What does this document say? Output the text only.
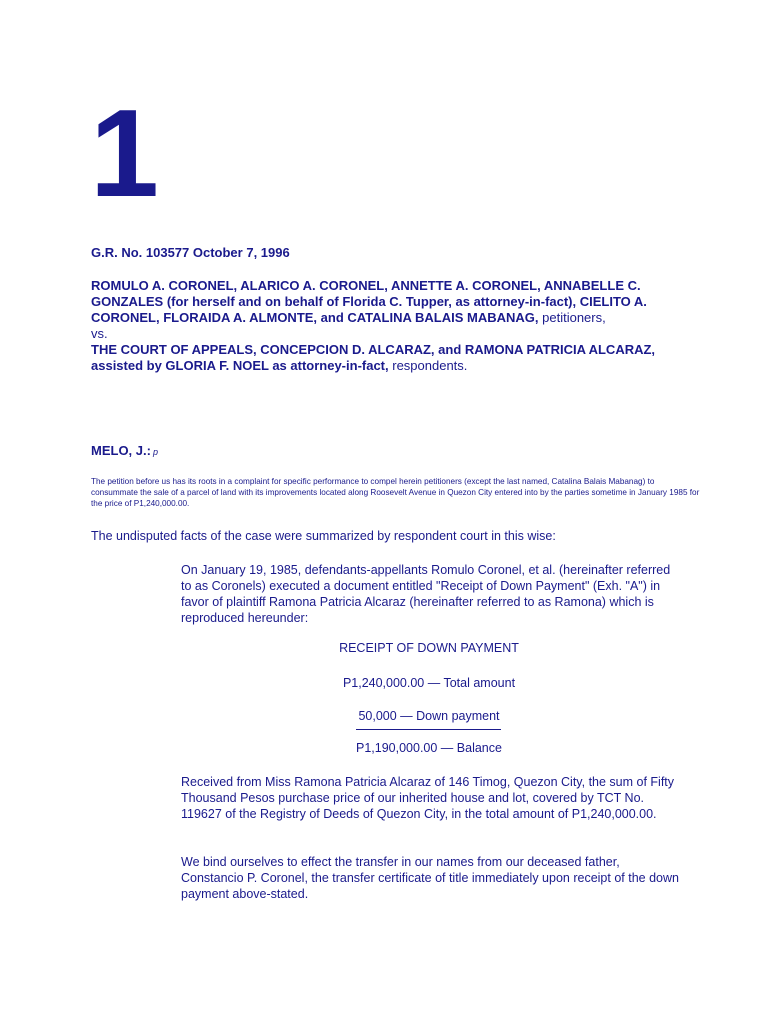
1
G.R. No. 103577 October 7, 1996
ROMULO A. CORONEL, ALARICO A. CORONEL, ANNETTE A. CORONEL, ANNABELLE C. GONZALES (for herself and on behalf of Florida C. Tupper, as attorney-in-fact), CIELITO A. CORONEL, FLORAIDA A. ALMONTE, and CATALINA BALAIS MABANAG, petitioners,
vs.
THE COURT OF APPEALS, CONCEPCION D. ALCARAZ, and RAMONA PATRICIA ALCARAZ, assisted by GLORIA F. NOEL as attorney-in-fact, respondents.
MELO, J.: p
The petition before us has its roots in a complaint for specific performance to compel herein petitioners (except the last named, Catalina Balais Mabanag) to consummate the sale of a parcel of land with its improvements located along Roosevelt Avenue in Quezon City entered into by the parties sometime in January 1985 for the price of P1,240,000.00.
The undisputed facts of the case were summarized by respondent court in this wise:
On January 19, 1985, defendants-appellants Romulo Coronel, et al. (hereinafter referred to as Coronels) executed a document entitled "Receipt of Down Payment" (Exh. "A") in favor of plaintiff Ramona Patricia Alcaraz (hereinafter referred to as Ramona) which is reproduced hereunder:
RECEIPT OF DOWN PAYMENT
P1,240,000.00 — Total amount
50,000 — Down payment
P1,190,000.00 — Balance
Received from Miss Ramona Patricia Alcaraz of 146 Timog, Quezon City, the sum of Fifty Thousand Pesos purchase price of our inherited house and lot, covered by TCT No. 119627 of the Registry of Deeds of Quezon City, in the total amount of P1,240,000.00.
We bind ourselves to effect the transfer in our names from our deceased father, Constancio P. Coronel, the transfer certificate of title immediately upon receipt of the down payment above-stated.
